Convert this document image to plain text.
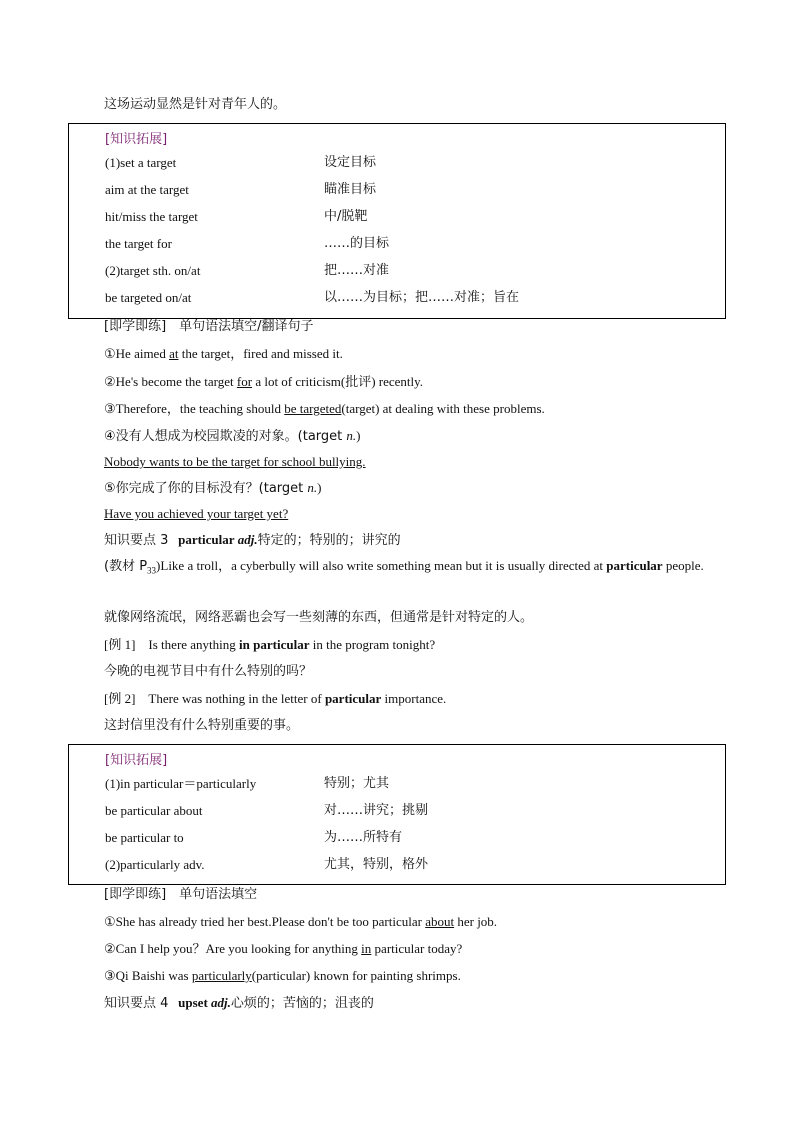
这场运动显然是针对青年人的。
[知识拓展]
(1)set a target	设定目标
aim at the target	瞄准目标
hit/miss the target	中/脱靶
the target for	……的目标
(2)target sth. on/at	把……对准
be targeted on/at	以……为目标；把……对准；旨在
[即学即练]　单句语法填空/翻译句子
①He aimed at the target，fired and missed it.
②He's become the target for a lot of criticism(批评) recently.
③Therefore，the teaching should be targeted(target) at dealing with these problems.
④没有人想成为校园欺凌的对象。(target n.)
Nobody wants to be the target for school bullying.
⑤你完成了你的目标没有？(target n.)
Have you achieved your target yet?
知识要点 3 particular adj.特定的；特别的；讲究的
(教材 $P_{33})Like$ a troll，a cyberbully will also write something mean but it is usually directed at particular people.
就像网络流氓，网络恶霸也会写一些刻薄的东西，但通常是针对特定的人。
[例 1] Is there anything in particular in the program tonight?
今晚的电视节目中有什么特别的吗？
[例 2] There was nothing in the letter of particular importance.
这封信里没有什么特别重要的事。
[知识拓展]
(1)in particular＝particularly	特别；尤其
be particular about	对……讲究；挑剔
be particular to	为……所特有
(2)particularly adv.	尤其，特别，格外
[即学即练]　单句语法填空
①She has already tried her best.Please don't be too particular about her job.
②Can I help you？Are you looking for anything in particular today?
③Qi Baishi was particularly(particular) known for painting shrimps.
知识要点 4 upset adj.心烦的；苦恼的；沮丧的
